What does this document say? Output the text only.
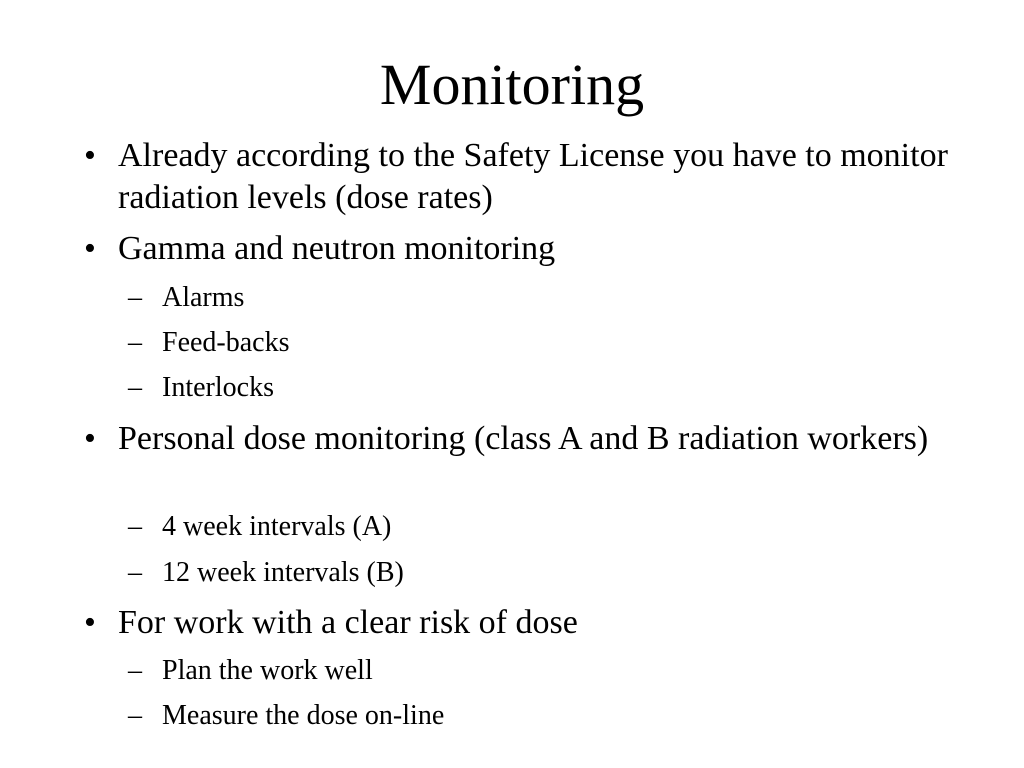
Monitoring
• Already according to the Safety License you have to monitor radiation levels (dose rates)
• Gamma and neutron monitoring
– Alarms
– Feed-backs
– Interlocks
• Personal dose monitoring (class A and B radiation workers)
– 4 week intervals (A)
– 12 week intervals (B)
• For work with a clear risk of dose
– Plan the work well
– Measure the dose on-line
